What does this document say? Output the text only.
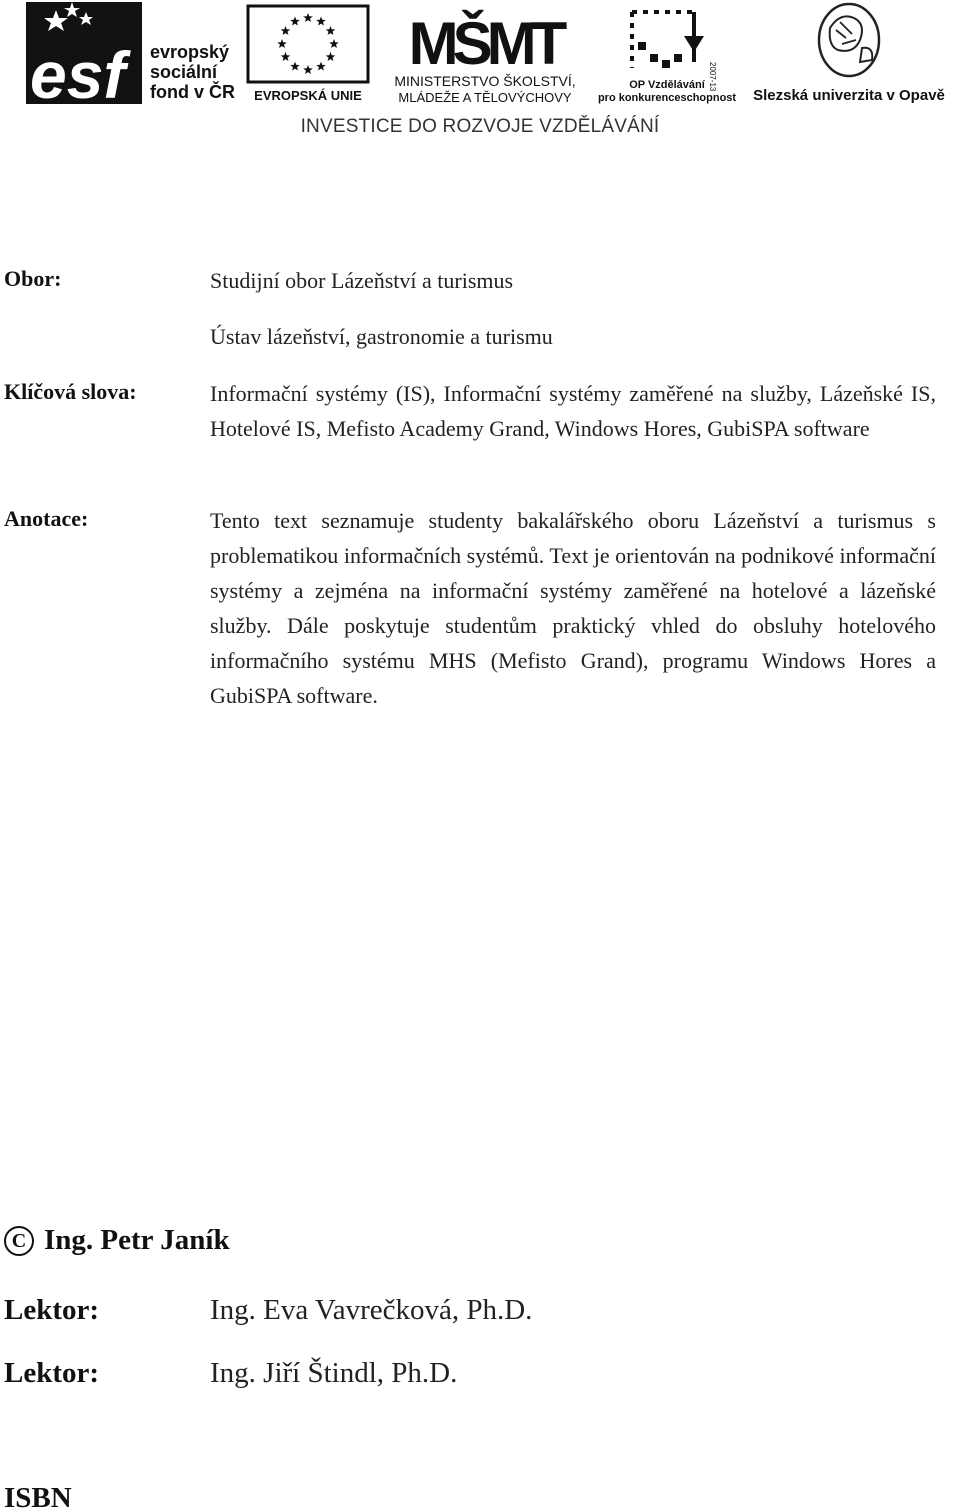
esf	evropský
sociální
fond v ČR EVROPSKÁ UNIE
MŠMT
MINISTERSTVO ŠKOLSTVÍ,
MLÁDEŽE A TĚLOVÝCHOVY
2007-13
OP Vzdělávání
pro konkurenceschopnost Slezská univerzita v Opavě
INVESTICE DO ROZVOJE VZDĚLÁVÁNÍ
Obor:	Studijní obor Lázeňství a turismus
Ústav lázeňství, gastronomie a turismu
Klíčová slova:	Informační systémy (IS), Informační systémy zaměřené na služby, Lázeňské IS, Hotelové IS, Mefisto Academy Grand, Windows Hores, GubiSPA software
Anotace:	Tento text seznamuje studenty bakalářského oboru Lázeňství a turismus s problematikou informačních systémů. Text je orientován na podnikové informační systémy a zejména na informační systémy zaměřené na hotelové a lázeňské služby. Dále poskytuje studentům praktický vhled do obsluhy hotelového informačního systému MHS (Mefisto Grand), programu Windows Hores a GubiSPA software.
C Ing. Petr Janík
Lektor:	Ing. Eva Vavrečková, Ph.D.
Lektor:	Ing. Jiří Štindl, Ph.D.
ISBN
